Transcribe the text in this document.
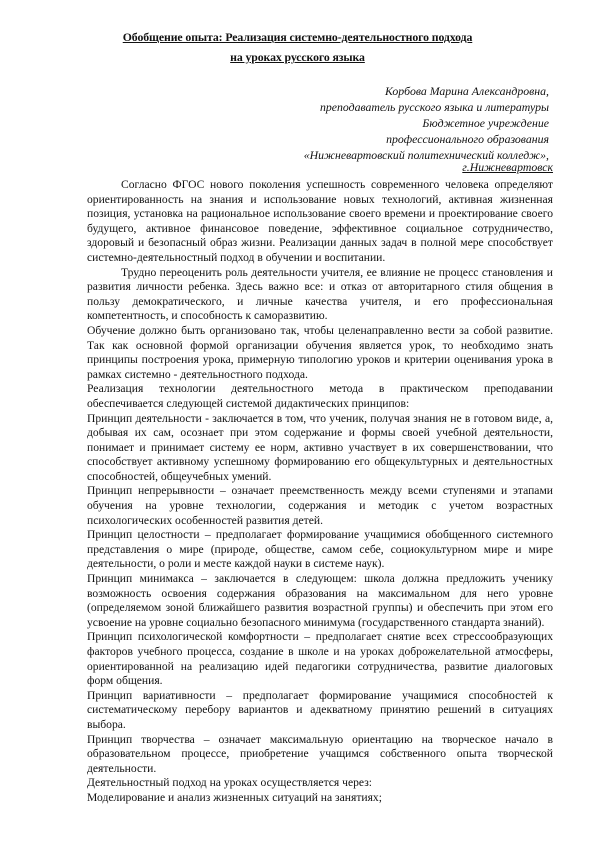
Обобщение опыта: Реализация системно-деятельностного подхода
на уроках русского языка
Корбова Марина Александровна,
преподаватель русского языка и литературы
Бюджетное учреждение
профессионального образования
«Нижневартовский политехнический колледж»,
г.Нижневартовск

Согласно ФГОС нового поколения успешность современного человека определяют ориентированность на знания и использование новых технологий, активная жизненная позиция, установка на рациональное использование своего времени и проектирование своего будущего, активное финансовое поведение, эффективное социальное сотрудничество, здоровый и безопасный образ жизни. Реализации данных задач в полной мере способствует системно-деятельностный подход в обучении и воспитании.

Трудно переоценить роль деятельности учителя, ее влияние не процесс становления и развития личности ребенка. Здесь важно все: и отказ от авторитарного стиля общения в пользу демократического, и личные качества учителя, и его профессиональная компетентность, и способность к саморазвитию.

Обучение должно быть организовано так, чтобы целенаправленно вести за собой развитие. Так как основной формой организации обучения является урок, то необходимо знать принципы построения урока, примерную типологию уроков и критерии оценивания урока в рамках системно - деятельностного подхода.

Реализация технологии деятельностного метода в практическом преподавании обеспечивается следующей системой дидактических принципов:

Принцип деятельности - заключается в том, что ученик, получая знания не в готовом виде, а, добывая их сам, осознает при этом содержание и формы своей учебной деятельности, понимает и принимает систему ее норм, активно участвует в их совершенствовании, что способствует активному успешному формированию его общекультурных и деятельностных способностей, общеучебных умений.

Принцип непрерывности – означает преемственность между всеми ступенями и этапами обучения на уровне технологии, содержания и методик с учетом возрастных психологических особенностей развития детей.

Принцип целостности – предполагает формирование учащимися обобщенного системного представления о мире (природе, обществе, самом себе, социокультурном мире и мире деятельности, о роли и месте каждой науки в системе наук).

Принцип минимакса – заключается в следующем: школа должна предложить ученику возможность освоения содержания образования на максимальном для него уровне (определяемом зоной ближайшего развития возрастной группы) и обеспечить при этом его усвоение на уровне социально безопасного минимума (государственного стандарта знаний).

Принцип психологической комфортности – предполагает снятие всех стрессообразующих факторов учебного процесса, создание в школе и на уроках доброжелательной атмосферы, ориентированной на реализацию идей педагогики сотрудничества, развитие диалоговых форм общения.

Принцип вариативности – предполагает формирование учащимися способностей к систематическому перебору вариантов и адекватному принятию решений в ситуациях выбора.

Принцип творчества – означает максимальную ориентацию на творческое начало в образовательном процессе, приобретение учащимся собственного опыта творческой деятельности.

Деятельностный подход на уроках осуществляется через:

Моделирование и анализ жизненных ситуаций на занятиях;
